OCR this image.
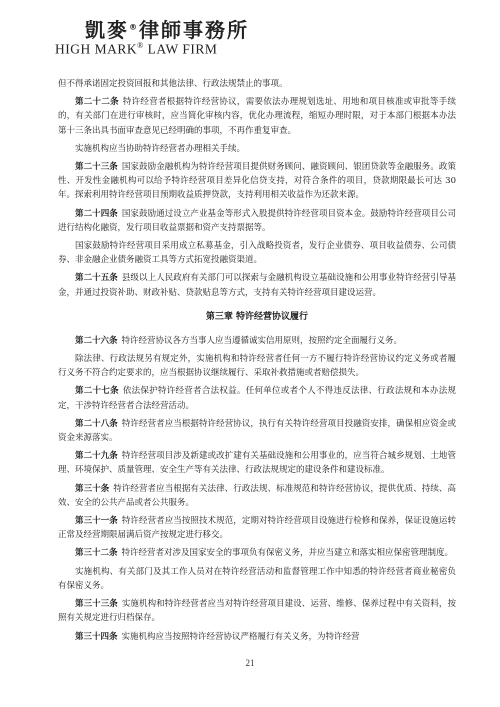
凱麥®律師事務所
HIGH MARK® LAW FIRM

但不得承诺固定投资回报和其他法律、行政法规禁止的事项。

第二十二条 特许经营者根据特许经营协议，需要依法办理规划选址、用地和项目核准或审批等手续的，有关部门在进行审核时，应当简化审核内容，优化办理流程，缩短办理时限，对于本部门根据本办法第十三条出具书面审查意见已经明确的事项，不再作重复审查。

实施机构应当协助特许经营者办理相关手续。

第二十三条 国家鼓励金融机构为特许经营项目提供财务顾问、融资顾问、银团贷款等金融服务。政策性、开发性金融机构可以给予特许经营项目差异化信贷支持，对符合条件的项目，贷款期限最长可达 30 年。探索利用特许经营项目预期收益质押贷款，支持利用相关收益作为还款来源。

第二十四条 国家鼓励通过设立产业基金等形式入股提供特许经营项目资本金。鼓励特许经营项目公司进行结构化融资，发行项目收益票据和资产支持票据等。

国家鼓励特许经营项目采用成立私募基金，引入战略投资者，发行企业债券、项目收益债券、公司债券、非金融企业债务融资工具等方式拓宽投融资渠道。

第二十五条 县级以上人民政府有关部门可以探索与金融机构设立基础设施和公用事业特许经营引导基金，并通过投资补助、财政补贴、贷款贴息等方式，支持有关特许经营项目建设运营。

第三章 特许经营协议履行

第二十六条 特许经营协议各方当事人应当遵循诚实信用原则，按照约定全面履行义务。

除法律、行政法规另有规定外，实施机构和特许经营者任何一方不履行特许经营协议约定义务或者履行义务不符合约定要求的，应当根据协议继续履行、采取补救措施或者赔偿损失。

第二十七条 依法保护特许经营者合法权益。任何单位或者个人不得违反法律、行政法规和本办法规定，干涉特许经营者合法经营活动。

第二十八条 特许经营者应当根据特许经营协议，执行有关特许经营项目投融资安排，确保相应资金或资金来源落实。

第二十九条 特许经营项目涉及新建或改扩建有关基础设施和公用事业的，应当符合城乡规划、土地管理、环境保护、质量管理、安全生产等有关法律、行政法规规定的建设条件和建设标准。

第三十条 特许经营者应当根据有关法律、行政法规、标准规范和特许经营协议，提供优质、持续、高效、安全的公共产品或者公共服务。

第三十一条 特许经营者应当按照技术规范，定期对特许经营项目设施进行检修和保养，保证设施运转正常及经营期限届满后资产按规定进行移交。

第三十二条 特许经营者对涉及国家安全的事项负有保密义务，并应当建立和落实相应保密管理制度。

实施机构、有关部门及其工作人员对在特许经营活动和监督管理工作中知悉的特许经营者商业秘密负有保密义务。

第三十三条 实施机构和特许经营者应当对特许经营项目建设、运营、维修、保养过程中有关资料，按照有关规定进行归档保存。

第三十四条 实施机构应当按照特许经营协议严格履行有关义务，为特许经营

21
